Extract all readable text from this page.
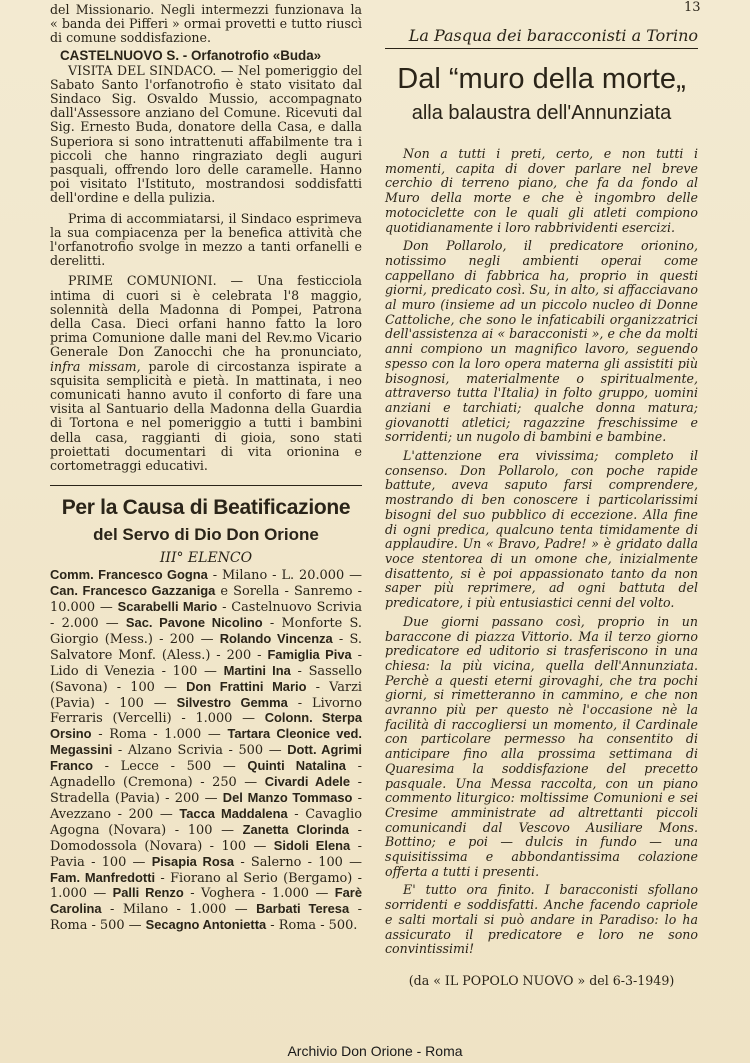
13

del Missionario. Negli intermezzi funzionava la « banda dei Pifferi » ormai provetti e tutto riuscì di comune soddisfazione.

CASTELNUOVO S. - Orfanotrofio «Buda»

VISITA DEL SINDACO. — Nel pomeriggio del Sabato Santo l'orfanotrofio è stato visitato dal Sindaco Sig. Osvaldo Mussio, accompagnato dall'Assessore anziano del Comune. Ricevuti dal Sig. Ernesto Buda, donatore della Casa, e dalla Superiora si sono intrattenuti affabilmente tra i piccoli che hanno ringraziato degli auguri pasquali, offrendo loro delle caramelle. Hanno poi visitato l'Istituto, mostrandosi soddisfatti dell'ordine e della pulizia.

Prima di accommiatarsi, il Sindaco esprimeva la sua compiacenza per la benefica attività che l'orfanotrofio svolge in mezzo a tanti orfanelli e derelitti.

PRIME COMUNIONI. — Una festicciola intima di cuori si è celebrata l'8 maggio, solennità della Madonna di Pompei, Patrona della Casa. Dieci orfani hanno fatto la loro prima Comunione dalle mani del Rev.mo Vicario Generale Don Zanocchi che ha pronunciato, infra missam, parole di circostanza ispirate a squisita semplicità e pietà. In mattinata, i neo comunicati hanno avuto il conforto di fare una visita al Santuario della Madonna della Guardia di Tortona e nel pomeriggio a tutti i bambini della casa, raggianti di gioia, sono stati proiettati documentari di vita orionina e cortometraggi educativi.

Per la Causa di Beatificazione

del Servo di Dio Don Orione

III° ELENCO

Comm. Francesco Gogna - Milano - L. 20.000 — Can. Francesco Gazzaniga e Sorella - Sanremo - 10.000 — Scarabelli Mario - Castelnuovo Scrivia - 2.000 — Sac. Pavone Nicolino - Monforte S. Giorgio (Mess.) - 200 — Rolando Vincenza - S. Salvatore Monf. (Aless.) - 200 - Famiglia Piva - Lido di Venezia - 100 — Martini Ina - Sassello (Savona) - 100 — Don Frattini Mario - Varzi (Pavia) - 100 — Silvestro Gemma - Livorno Ferraris (Vercelli) - 1.000 — Colonn. Sterpa Orsino - Roma - 1.000 — Tartara Cleonice ved. Megassini - Alzano Scrivia - 500 — Dott. Agrimi Franco - Lecce - 500 — Quinti Natalina - Agnadello (Cremona) - 250 — Civardi Adele - Stradella (Pavia) - 200 — Del Manzo Tommaso - Avezzano - 200 — Tacca Maddalena - Cavaglio Agogna (Novara) - 100 — Zanetta Clorinda - Domodossola (Novara) - 100 — Sidoli Elena - Pavia - 100 — Pisapia Rosa - Salerno - 100 — Fam. Manfredotti - Fiorano al Serio (Bergamo) - 1.000 — Palli Renzo - Voghera - 1.000 — Farè Carolina - Milano - 1.000 — Barbati Teresa - Roma - 500 — Secagno Antonietta - Roma - 500.

La Pasqua dei baracconisti a Torino

Dal “muro della morte„

alla balaustra dell'Annunziata

Non a tutti i preti, certo, e non tutti i momenti, capita di dover parlare nel breve cerchio di terreno piano, che fa da fondo al Muro della morte e che è ingombro delle motociclette con le quali gli atleti compiono quotidianamente i loro rabbrividenti esercizi.

Don Pollarolo, il predicatore orionino, notissimo negli ambienti operai come cappellano di fabbrica ha, proprio in questi giorni, predicato così. Su, in alto, si affacciavano al muro (insieme ad un piccolo nucleo di Donne Cattoliche, che sono le infaticabili organizzatrici dell'assistenza ai « baracconisti », e che da molti anni compiono un magnifico lavoro, seguendo spesso con la loro opera materna gli assistiti più bisognosi, materialmente o spiritualmente, attraverso tutta l'Italia) in folto gruppo, uomini anziani e tarchiati; qualche donna matura; giovanotti atletici; ragazzine freschissime e sorridenti; un nugolo di bambini e bambine.

L'attenzione era vivissima; completo il consenso. Don Pollarolo, con poche rapide battute, aveva saputo farsi comprendere, mostrando di ben conoscere i particolarissimi bisogni del suo pubblico di eccezione. Alla fine di ogni predica, qualcuno tenta timidamente di applaudire. Un « Bravo, Padre! » è gridato dalla voce stentorea di un omone che, inizialmente disattento, si è poi appassionato tanto da non saper più reprimere, ad ogni battuta del predicatore, i più entusiastici cenni del volto.

Due giorni passano così, proprio in un baraccone di piazza Vittorio. Ma il terzo giorno predicatore ed uditorio si trasferiscono in una chiesa: la più vicina, quella dell'Annunziata. Perchè a questi eterni girovaghi, che tra pochi giorni, si rimetteranno in cammino, e che non avranno più per questo nè l'occasione nè la facilità di raccogliersi un momento, il Cardinale con particolare permesso ha consentito di anticipare fino alla prossima settimana di Quaresima la soddisfazione del precetto pasquale. Una Messa raccolta, con un piano commento liturgico: moltissime Comunioni e sei Cresime amministrate ad altrettanti piccoli comunicandi dal Vescovo Ausiliare Mons. Bottino; e poi — dulcis in fundo — una squisitissima e abbondantissima colazione offerta a tutti i presenti.

E' tutto ora finito. I baracconisti sfollano sorridenti e soddisfatti. Anche facendo capriole e salti mortali si può andare in Paradiso: lo ha assicurato il predicatore e loro ne sono convintissimi!

(da « IL POPOLO NUOVO » del 6-3-1949)

Archivio Don Orione - Roma
